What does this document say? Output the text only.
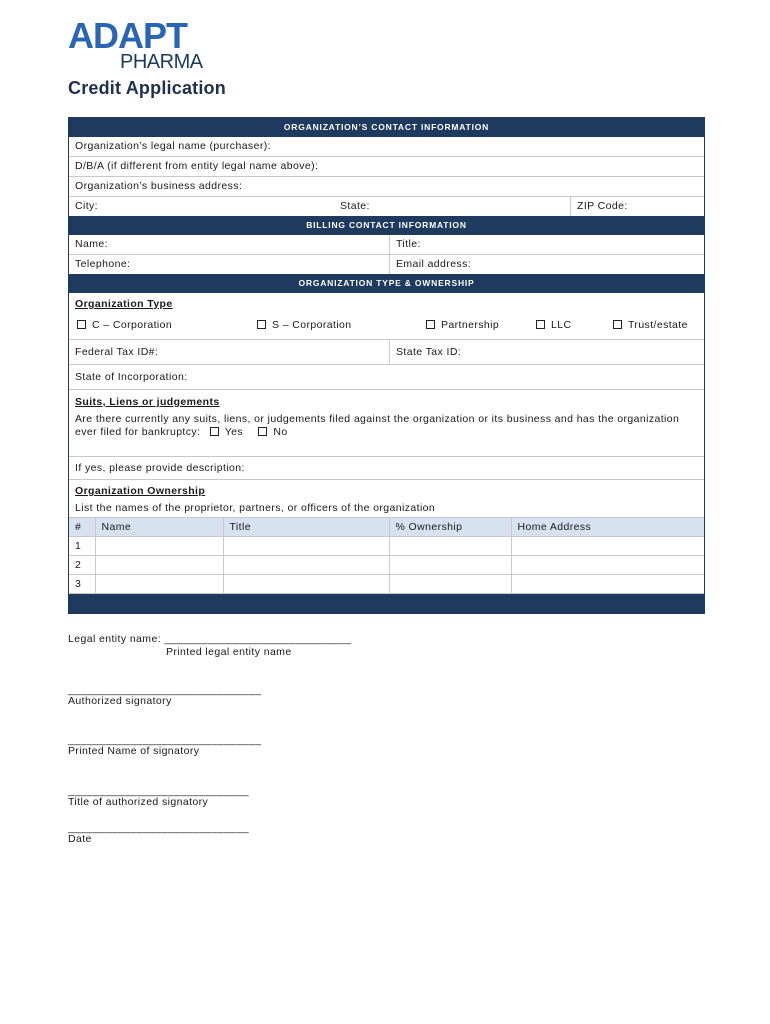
ADAPT
PHARMA
Credit Application
ORGANIZATION’S CONTACT INFORMATION
Organization’s legal name (purchaser):
D/B/A (if different from entity legal name above):
Organization’s business address:
City:	State:	ZIP Code:
BILLING CONTACT INFORMATION
Name:	Title:
Telephone:	Email address:
ORGANIZATION TYPE & OWNERSHIP
Organization Type
C – Corporation	S – Corporation	Partnership	LLC	Trust/estate
Federal Tax ID#:	State Tax ID:
State of Incorporation:
Suits, Liens or judgements
Are there currently any suits, liens, or judgements filed against the organization or its business and has the organization
ever filed for bankruptcy: Yes	No
If yes, please provide description:
Organization Ownership
List the names of the proprietor, partners, or officers of the organization
#	Name	Title	% Ownership	Home Address
1				
2				
3				
Legal entity name: ______________________________
Printed legal entity name
_______________________________
Authorized signatory
_______________________________
Printed Name of signatory
_____________________________
Title of authorized signatory
_____________________________
Date
